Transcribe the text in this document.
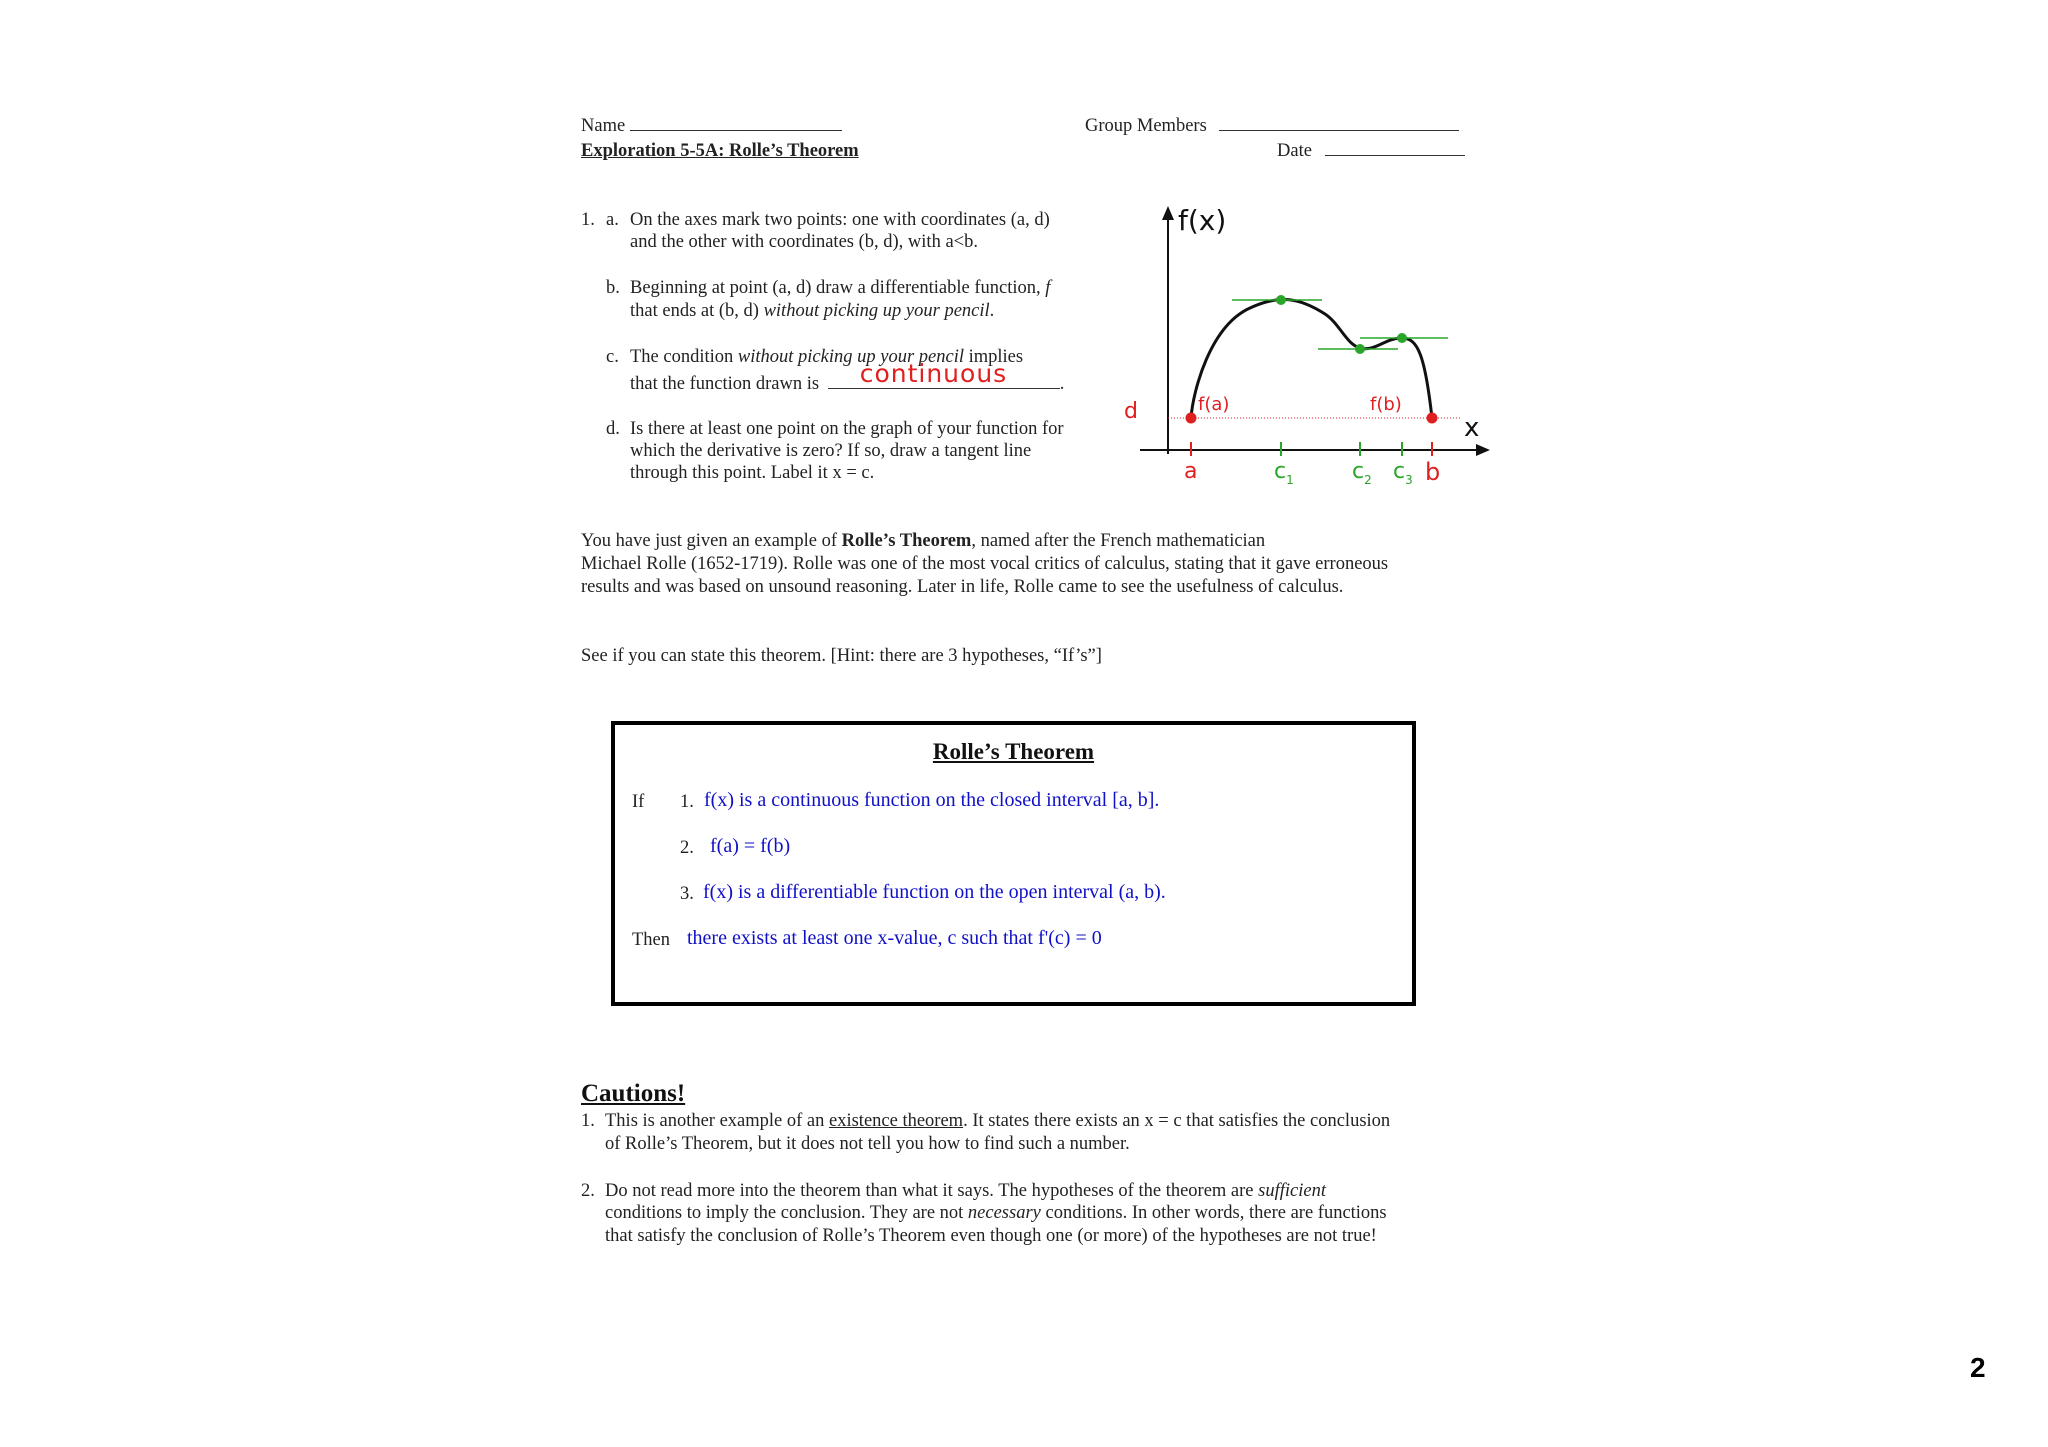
Name	Group Members
Exploration 5-5A: Rolle’s Theorem	Date
1. a. On the axes mark two points: one with coordinates (a, d)
and the other with coordinates (b, d), with a<b.
b. Beginning at point (a, d) draw a differentiable function, f
that ends at (b, d) without picking up your pencil.
c. The condition without picking up your pencil implies
that the function drawn is continuous	.
d. Is there at least one point on the graph of your function for
which the derivative is zero? If so, draw a tangent line
through this point. Label it x = c.
f(x)
x
d	f(a)	f(b)
a	$c_1$	$c_2$ $c_3$ b
You have just given an example of Rolle’s Theorem, named after the French mathematician
Michael Rolle (1652-1719). Rolle was one of the most vocal critics of calculus, stating that it gave erroneous
results and was based on unsound reasoning. Later in life, Rolle came to see the usefulness of calculus.
See if you can state this theorem. [Hint: there are 3 hypotheses, “If’s”]
Rolle’s Theorem
If 1. f(x) is a continuous function on the closed interval [a, b].
2. f(a) = f(b)
3. f(x) is a differentiable function on the open interval (a, b).
Then there exists at least one x-value, c such that f'(c) = 0
Cautions!
1. This is another example of an existence theorem. It states there exists an x = c that satisfies the conclusion
of Rolle’s Theorem, but it does not tell you how to find such a number.
2. Do not read more into the theorem than what it says. The hypotheses of the theorem are sufficient
conditions to imply the conclusion. They are not necessary conditions. In other words, there are functions
that satisfy the conclusion of Rolle’s Theorem even though one (or more) of the hypotheses are not true!
2
